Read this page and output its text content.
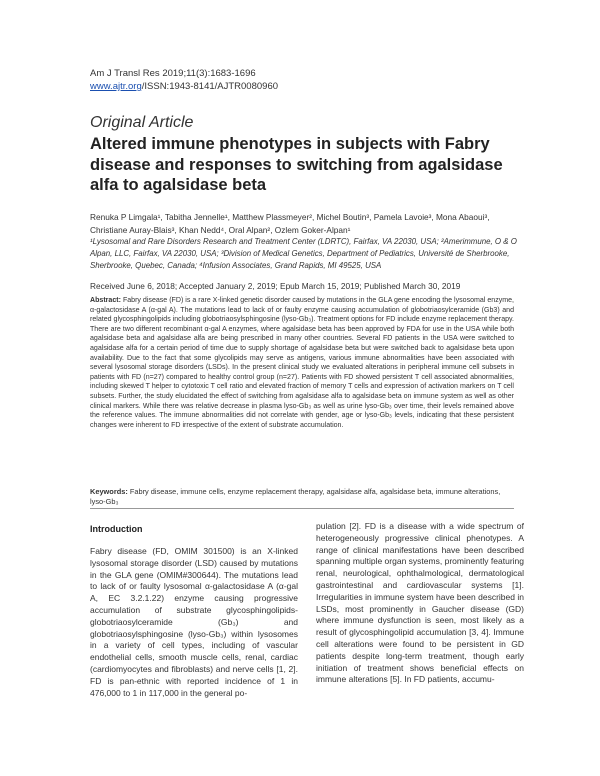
Am J Transl Res 2019;11(3):1683-1696
www.ajtr.org/ISSN:1943-8141/AJTR0080960
Original Article
Altered immune phenotypes in subjects with Fabry disease and responses to switching from agalsidase alfa to agalsidase beta
Renuka P Limgala¹, Tabitha Jennelle¹, Matthew Plassmeyer², Michel Boutin³, Pamela Lavoie³, Mona Abaoui³, Christiane Auray-Blais³, Khan Nedd⁴, Oral Alpan², Ozlem Goker-Alpan¹
¹Lysosomal and Rare Disorders Research and Treatment Center (LDRTC), Fairfax, VA 22030, USA; ²Amerimmune, O & O Alpan, LLC, Fairfax, VA 22030, USA; ³Division of Medical Genetics, Department of Pediatrics, Université de Sherbrooke, Sherbrooke, Quebec, Canada; ⁴Infusion Associates, Grand Rapids, MI 49525, USA
Received June 6, 2018; Accepted January 2, 2019; Epub March 15, 2019; Published March 30, 2019
Abstract: Fabry disease (FD) is a rare X-linked genetic disorder caused by mutations in the GLA gene encoding the lysosomal enzyme, α-galactosidase A (α-gal A). The mutations lead to lack of or faulty enzyme causing accumulation of globotriaosylceramide (Gb3) and related glycosphingolipids including globotriaosylsphingosine (lyso-Gb₃). Treatment options for FD include enzyme replacement therapy. There are two different recombinant α-gal A enzymes, where agalsidase beta has been approved by FDA for use in the USA while both agalsidase beta and agalsidase alfa are being prescribed in many other countries. Several FD patients in the USA were switched to agalsidase alfa for a certain period of time due to supply shortage of agalsidase beta but were switched back to agalsidase beta upon availability. Due to the fact that some glycolipids may serve as antigens, various immune abnormalities have been associated with several lysosomal storage disorders (LSDs). In the present clinical study we evaluated alterations in peripheral immune cell subsets in patients with FD (n=27) compared to healthy control group (n=27). Patients with FD showed persistent T cell associated abnormalities, including skewed T helper to cytotoxic T cell ratio and elevated fraction of memory T cells and expression of activation markers on T cell subsets. Further, the study elucidated the effect of switching from agalsidase alfa to agalsidase beta on immune system as well as other clinical markers. While there was relative decrease in plasma lyso-Gb₃ as well as urine lyso-Gb₃ over time, their levels remained above the reference values. The immune abnormalities did not correlate with gender, age or lyso-Gb₃ levels, indicating that these persistent changes were inherent to FD irrespective of the extent of substrate accumulation.
Keywords: Fabry disease, immune cells, enzyme replacement therapy, agalsidase alfa, agalsidase beta, immune alterations, lyso-Gb₃
Introduction
Fabry disease (FD, OMIM 301500) is an X-linked lysosomal storage disorder (LSD) caused by mutations in the GLA gene (OMIM#300644). The mutations lead to lack of or faulty lysosomal α-galactosidase A (α-gal A, EC 3.2.1.22) enzyme causing progressive accumulation of substrate glycosphingolipids-globotriaosylceramide (Gb₃) and globotriaosylsphingosine (lyso-Gb₃) within lysosomes in a variety of cell types, including of vascular endothelial cells, smooth muscle cells, renal, cardiac (cardiomyocytes and fibroblasts) and nerve cells [1, 2]. FD is pan-ethnic with reported incidence of 1 in 476,000 to 1 in 117,000 in the general po-
pulation [2]. FD is a disease with a wide spectrum of heterogeneously progressive clinical phenotypes. A range of clinical manifestations have been described spanning multiple organ systems, prominently featuring renal, neurological, ophthalmological, dermatological gastrointestinal and cardiovascular systems [1]. Irregularities in immune system have been described in LSDs, most prominently in Gaucher disease (GD) where immune dysfunction is seen, most likely as a result of glycosphingolipid accumulation [3, 4]. Immune cell alterations were found to be persistent in GD patients despite long-term treatment, though early initiation of treatment shows beneficial effects on immune alterations [5]. In FD patients, accumu-
